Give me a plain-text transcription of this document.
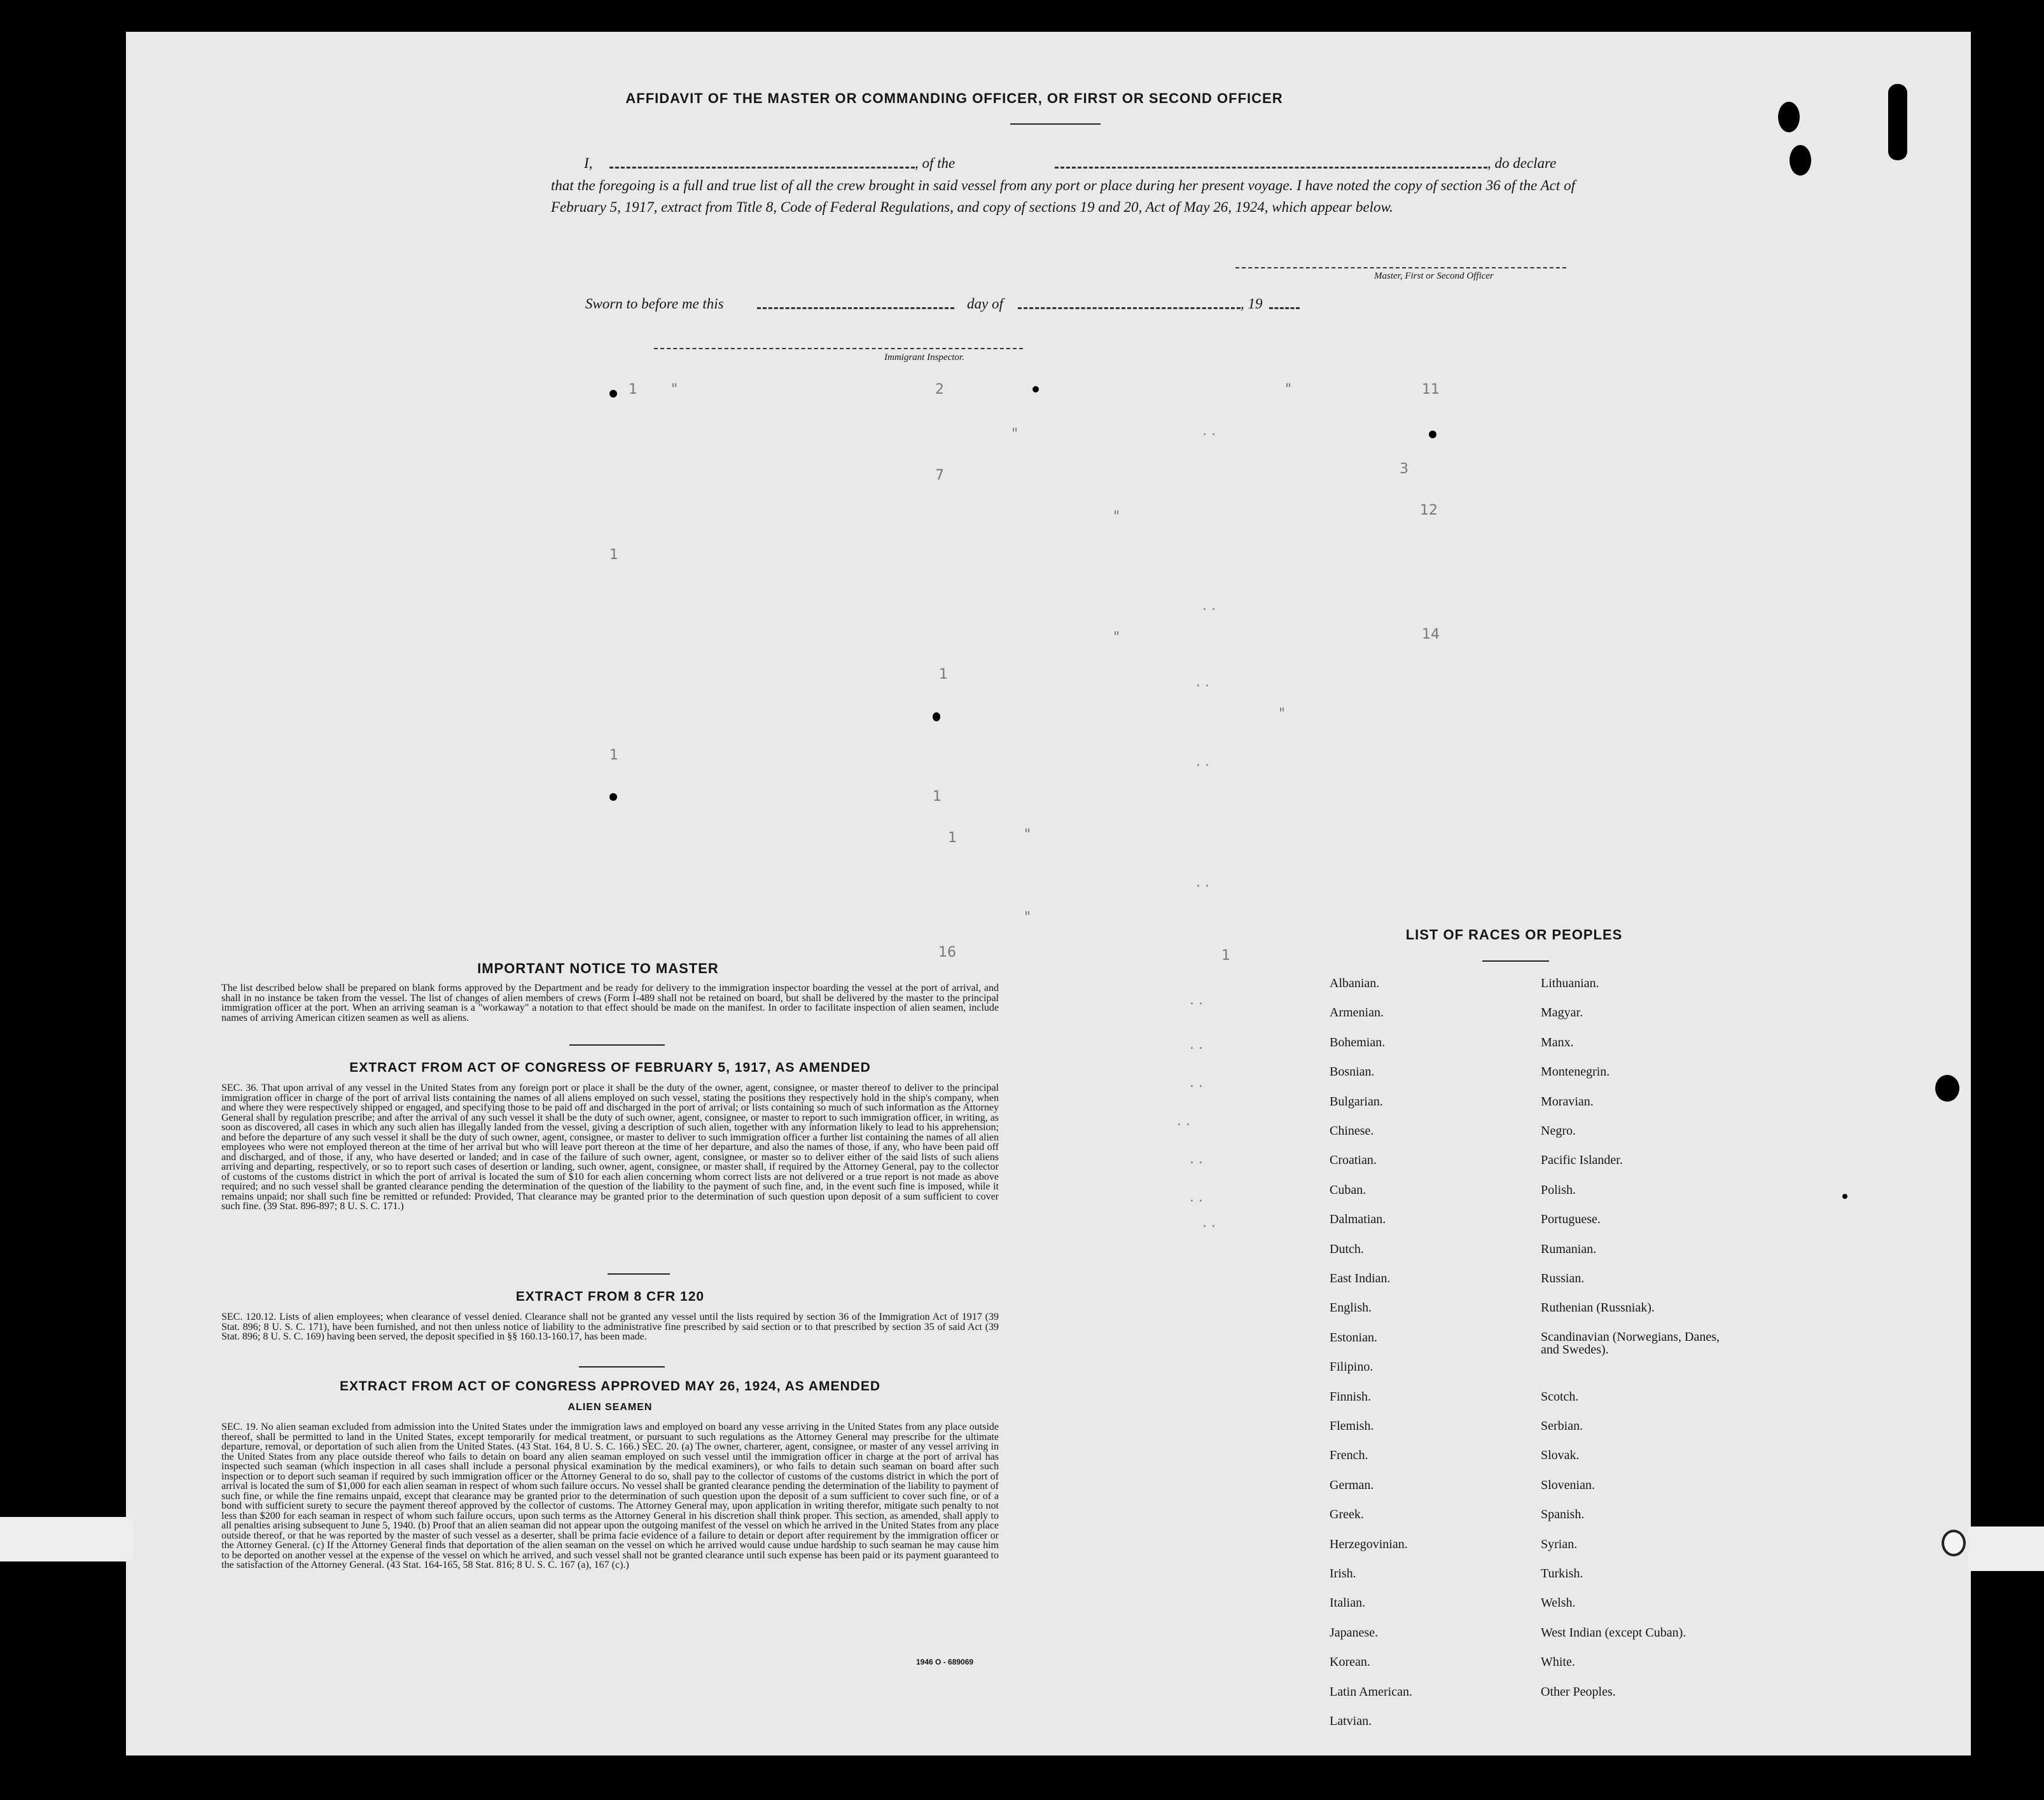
AFFIDAVIT OF THE MASTER OR COMMANDING OFFICER, OR FIRST OR SECOND OFFICER
I,	, of the	, do declare
that the foregoing is a full and true list of all the crew brought in said vessel from any port or place during her present voyage. I have noted the copy of section 36 of the Act of February 5, 1917, extract from Title 8, Code of Federal Regulations, and copy of sections 19 and 20, Act of May 26, 1924, which appear below.
Master, First or Second Officer
Sworn to before me this	day of	, 19
Immigrant Inspector.
1	2	11
3
7
12
1
14
1
1
1
1
16	1
"
"
"
"
"
"
"
"
. .
. .
. .
. .
. .
. .
. .
. .
. .
. .
. .
. .
IMPORTANT NOTICE TO MASTER
The list described below shall be prepared on blank forms approved by the Department and be ready for delivery to the immigration inspector boarding the vessel at the port of arrival, and shall in no instance be taken from the vessel. The list of changes of alien members of crews (Form I-489 shall not be retained on board, but shall be delivered by the master to the principal immigration officer at the port. When an arriving seaman is a "workaway" a notation to that effect should be made on the manifest. In order to facilitate inspection of alien seamen, include names of arriving American citizen seamen as well as aliens.
EXTRACT FROM ACT OF CONGRESS OF FEBRUARY 5, 1917, AS AMENDED
SEC. 36. That upon arrival of any vessel in the United States from any foreign port or place it shall be the duty of the owner, agent, consignee, or master thereof to deliver to the principal immigration officer in charge of the port of arrival lists containing the names of all aliens employed on such vessel, stating the positions they respectively hold in the ship's company, when and where they were respectively shipped or engaged, and specifying those to be paid off and discharged in the port of arrival; or lists containing so much of such information as the Attorney General shall by regulation prescribe; and after the arrival of any such vessel it shall be the duty of such owner, agent, consignee, or master to report to such immigration officer, in writing, as soon as discovered, all cases in which any such alien has illegally landed from the vessel, giving a description of such alien, together with any information likely to lead to his apprehension; and before the departure of any such vessel it shall be the duty of such owner, agent, consignee, or master to deliver to such immigration officer a further list containing the names of all alien employees who were not employed thereon at the time of her arrival but who will leave port thereon at the time of her departure, and also the names of those, if any, who have been paid off and discharged, and of those, if any, who have deserted or landed; and in case of the failure of such owner, agent, consignee, or master so to deliver either of the said lists of such aliens arriving and departing, respectively, or so to report such cases of desertion or landing, such owner, agent, consignee, or master shall, if required by the Attorney General, pay to the collector of customs of the customs district in which the port of arrival is located the sum of $10 for each alien concerning whom correct lists are not delivered or a true report is not made as above required; and no such vessel shall be granted clearance pending the determination of the question of the liability to the payment of such fine, and, in the event such fine is imposed, while it remains unpaid; nor shall such fine be remitted or refunded: Provided, That clearance may be granted prior to the determination of such question upon deposit of a sum sufficient to cover such fine. (39 Stat. 896-897; 8 U. S. C. 171.)
EXTRACT FROM 8 CFR 120
SEC. 120.12. Lists of alien employees; when clearance of vessel denied. Clearance shall not be granted any vessel until the lists required by section 36 of the Immigration Act of 1917 (39 Stat. 896; 8 U. S. C. 171), have been furnished, and not then unless notice of liability to the administrative fine prescribed by said section or to that prescribed by section 35 of said Act (39 Stat. 896; 8 U. S. C. 169) having been served, the deposit specified in §§ 160.13-160.17, has been made.
EXTRACT FROM ACT OF CONGRESS APPROVED MAY 26, 1924, AS AMENDED
ALIEN SEAMEN
SEC. 19. No alien seaman excluded from admission into the United States under the immigration laws and employed on board any vesse arriving in the United States from any place outside thereof, shall be permitted to land in the United States, except temporarily for medical treatment, or pursuant to such regulations as the Attorney General may prescribe for the ultimate departure, removal, or deportation of such alien from the United States. (43 Stat. 164, 8 U. S. C. 166.) SEC. 20. (a) The owner, charterer, agent, consignee, or master of any vessel arriving in the United States from any place outside thereof who fails to detain on board any alien seaman employed on such vessel until the immigration officer in charge at the port of arrival has inspected such seaman (which inspection in all cases shall include a personal physical examination by the medical examiners), or who fails to detain such seaman on board after such inspection or to deport such seaman if required by such immigration officer or the Attorney General to do so, shall pay to the collector of customs of the customs district in which the port of arrival is located the sum of $1,000 for each alien seaman in respect of whom such failure occurs. No vessel shall be granted clearance pending the determination of the liability to payment of such fine, or while the fine remains unpaid, except that clearance may be granted prior to the determination of such question upon the deposit of a sum sufficient to cover such fine, or of a bond with sufficient surety to secure the payment thereof approved by the collector of customs. The Attorney General may, upon application in writing therefor, mitigate such penalty to not less than $200 for each seaman in respect of whom such failure occurs, upon such terms as the Attorney General in his discretion shall think proper. This section, as amended, shall apply to all penalties arising subsequent to June 5, 1940. (b) Proof that an alien seaman did not appear upon the outgoing manifest of the vessel on which he arrived in the United States from any place outside thereof, or that he was reported by the master of such vessel as a deserter, shall be prima facie evidence of a failure to detain or deport after requirement by the immigration officer or the Attorney General. (c) If the Attorney General finds that deportation of the alien seaman on the vessel on which he arrived would cause undue hardship to such seaman he may cause him to be deported on another vessel at the expense of the vessel on which he arrived, and such vessel shall not be granted clearance until such expense has been paid or its payment guaranteed to the satisfaction of the Attorney General. (43 Stat. 164-165, 58 Stat. 816; 8 U. S. C. 167 (a), 167 (c).)
1946 O - 689069
LIST OF RACES OR PEOPLES
Albanian.
Armenian.
Bohemian.
Bosnian.
Bulgarian.
Chinese.
Croatian.
Cuban.
Dalmatian.
Dutch.
East Indian.
English.
Estonian.
Filipino.
Finnish.
Flemish.
French.
German.
Greek.
Herzegovinian.
Irish.
Italian.
Japanese.
Korean.
Latin American.
Latvian.
Lithuanian.
Magyar.
Manx.
Montenegrin.
Moravian.
Negro.
Pacific Islander.
Polish.
Portuguese.
Rumanian.
Russian.
Ruthenian (Russniak).
Scandinavian (Norwegians, Danes, and Swedes).
Scotch.
Serbian.
Slovak.
Slovenian.
Spanish.
Syrian.
Turkish.
Welsh.
West Indian (except Cuban).
White.
Other Peoples.
